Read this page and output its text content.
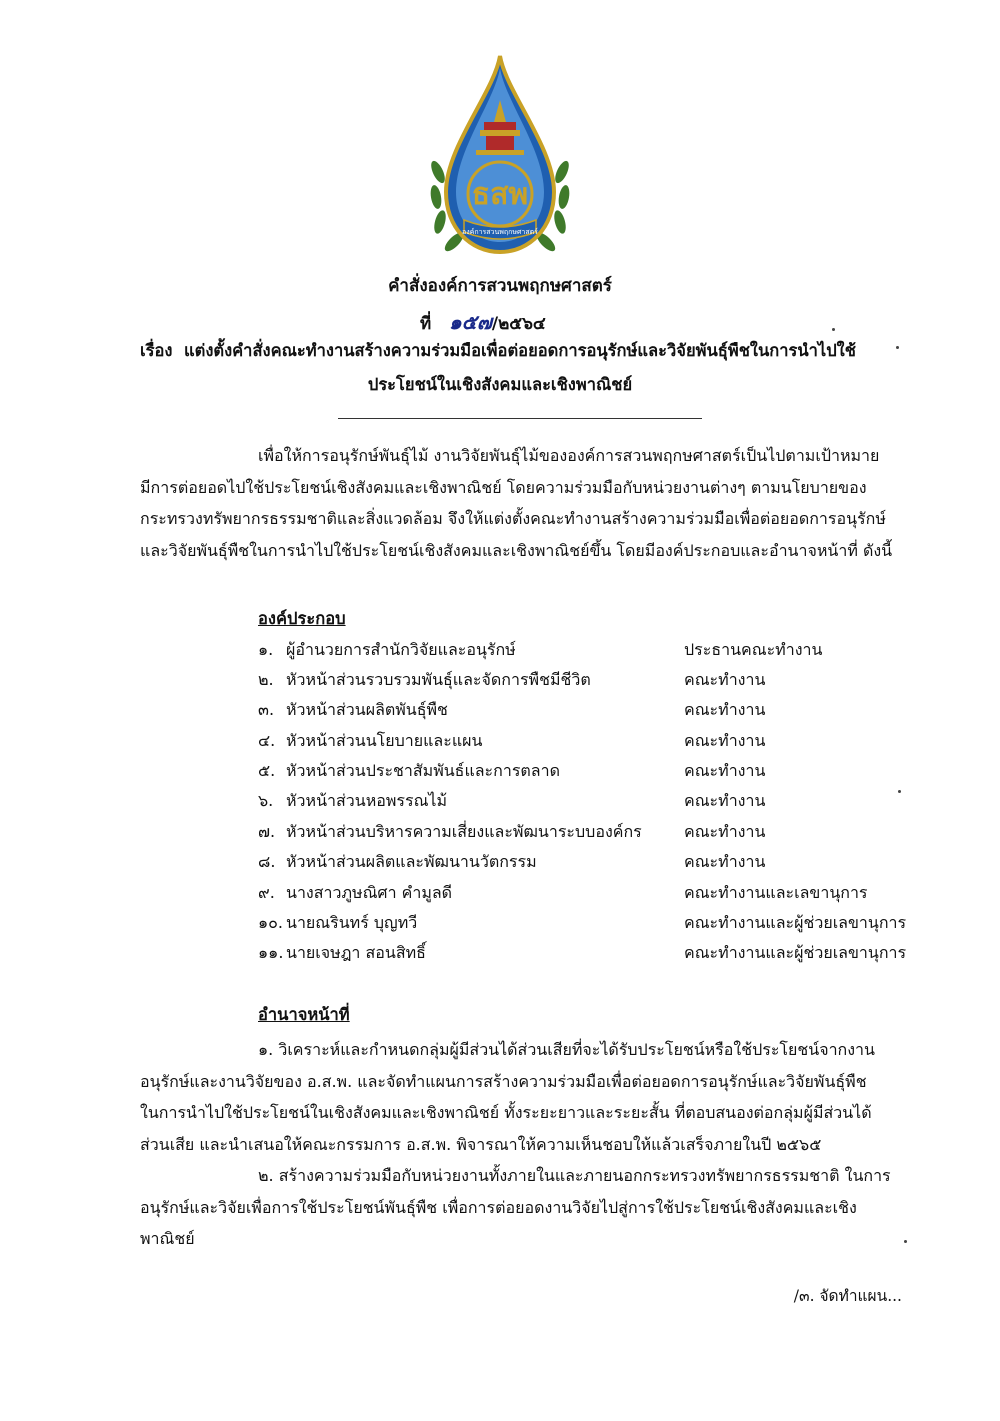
ธสพ
องค์การสวนพฤกษศาสตร์
คำสั่งองค์การสวนพฤกษศาสตร์
ที่ ๑๕๗/๒๕๖๔
เรื่อง แต่งตั้งคำสั่งคณะทำงานสร้างความร่วมมือเพื่อต่อยอดการอนุรักษ์และวิจัยพันธุ์พืชในการนำไปใช้
ประโยชน์ในเชิงสังคมและเชิงพาณิชย์
เพื่อให้การอนุรักษ์พันธุ์ไม้ งานวิจัยพันธุ์ไม้ขององค์การสวนพฤกษศาสตร์เป็นไปตามเป้าหมาย
มีการต่อยอดไปใช้ประโยชน์เชิงสังคมและเชิงพาณิชย์ โดยความร่วมมือกับหน่วยงานต่างๆ ตามนโยบายของ
กระทรวงทรัพยากรธรรมชาติและสิ่งแวดล้อม จึงให้แต่งตั้งคณะทำงานสร้างความร่วมมือเพื่อต่อยอดการอนุรักษ์
และวิจัยพันธุ์พืชในการนำไปใช้ประโยชน์เชิงสังคมและเชิงพาณิชย์ขึ้น โดยมีองค์ประกอบและอำนาจหน้าที่ ดังนี้
องค์ประกอบ
๑. ผู้อำนวยการสำนักวิจัยและอนุรักษ์	ประธานคณะทำงาน
๒. หัวหน้าส่วนรวบรวมพันธุ์และจัดการพืชมีชีวิต	คณะทำงาน
๓. หัวหน้าส่วนผลิตพันธุ์พืช	คณะทำงาน
๔. หัวหน้าส่วนนโยบายและแผน	คณะทำงาน
๕. หัวหน้าส่วนประชาสัมพันธ์และการตลาด	คณะทำงาน
๖. หัวหน้าส่วนหอพรรณไม้	คณะทำงาน
๗. หัวหน้าส่วนบริหารความเสี่ยงและพัฒนาระบบองค์กร	คณะทำงาน
๘. หัวหน้าส่วนผลิตและพัฒนานวัตกรรม	คณะทำงาน
๙. นางสาวภูษณิศา คำมูลดี	คณะทำงานและเลขานุการ
๑๐. นายณรินทร์ บุญทวี	คณะทำงานและผู้ช่วยเลขานุการ
๑๑. นายเจษฎา สอนสิทธิ์	คณะทำงานและผู้ช่วยเลขานุการ
อำนาจหน้าที่
๑. วิเคราะห์และกำหนดกลุ่มผู้มีส่วนได้ส่วนเสียที่จะได้รับประโยชน์หรือใช้ประโยชน์จากงาน
อนุรักษ์และงานวิจัยของ อ.ส.พ. และจัดทำแผนการสร้างความร่วมมือเพื่อต่อยอดการอนุรักษ์และวิจัยพันธุ์พืช
ในการนำไปใช้ประโยชน์ในเชิงสังคมและเชิงพาณิชย์ ทั้งระยะยาวและระยะสั้น ที่ตอบสนองต่อกลุ่มผู้มีส่วนได้
ส่วนเสีย และนำเสนอให้คณะกรรมการ อ.ส.พ. พิจารณาให้ความเห็นชอบให้แล้วเสร็จภายในปี ๒๕๖๕
๒. สร้างความร่วมมือกับหน่วยงานทั้งภายในและภายนอกกระทรวงทรัพยากรธรรมชาติ ในการ
อนุรักษ์และวิจัยเพื่อการใช้ประโยชน์พันธุ์พืช เพื่อการต่อยอดงานวิจัยไปสู่การใช้ประโยชน์เชิงสังคมและเชิง
พาณิชย์
/๓. จัดทำแผน...
